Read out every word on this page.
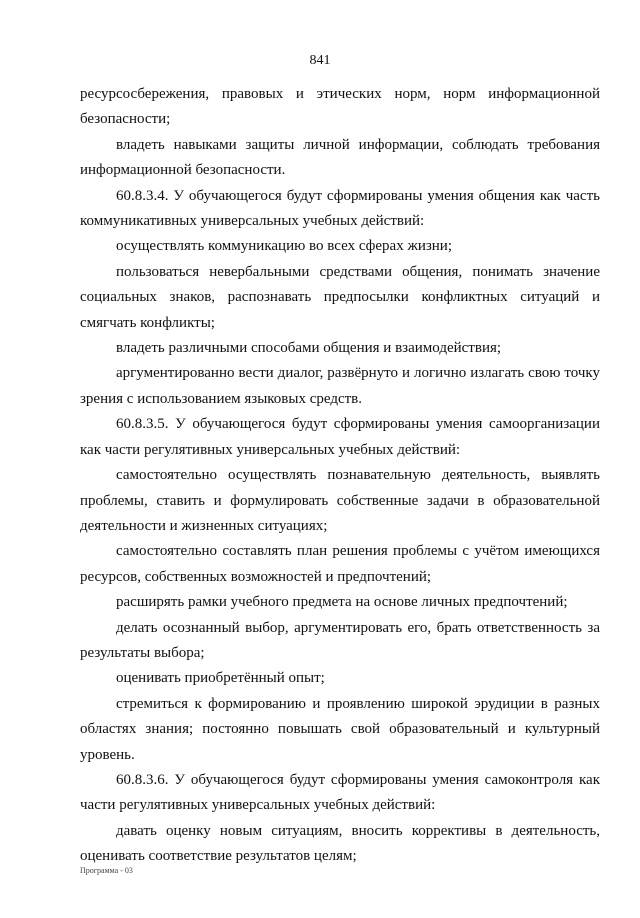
841

ресурсосбережения, правовых и этических норм, норм информационной безопасности;

владеть навыками защиты личной информации, соблюдать требования информационной безопасности.

60.8.3.4. У обучающегося будут сформированы умения общения как часть коммуникативных универсальных учебных действий:

осуществлять коммуникацию во всех сферах жизни;

пользоваться невербальными средствами общения, понимать значение социальных знаков, распознавать предпосылки конфликтных ситуаций и смягчать конфликты;

владеть различными способами общения и взаимодействия;

аргументированно вести диалог, развёрнуто и логично излагать свою точку зрения с использованием языковых средств.

60.8.3.5. У обучающегося будут сформированы умения самоорганизации как части регулятивных универсальных учебных действий:

самостоятельно осуществлять познавательную деятельность, выявлять проблемы, ставить и формулировать собственные задачи в образовательной деятельности и жизненных ситуациях;

самостоятельно составлять план решения проблемы с учётом имеющихся ресурсов, собственных возможностей и предпочтений;

расширять рамки учебного предмета на основе личных предпочтений;

делать осознанный выбор, аргументировать его, брать ответственность за результаты выбора;

оценивать приобретённый опыт;

стремиться к формированию и проявлению широкой эрудиции в разных областях знания; постоянно повышать свой образовательный и культурный уровень.

60.8.3.6. У обучающегося будут сформированы умения самоконтроля как части регулятивных универсальных учебных действий:

давать оценку новым ситуациям, вносить коррективы в деятельность, оценивать соответствие результатов целям;

Программа - 03
